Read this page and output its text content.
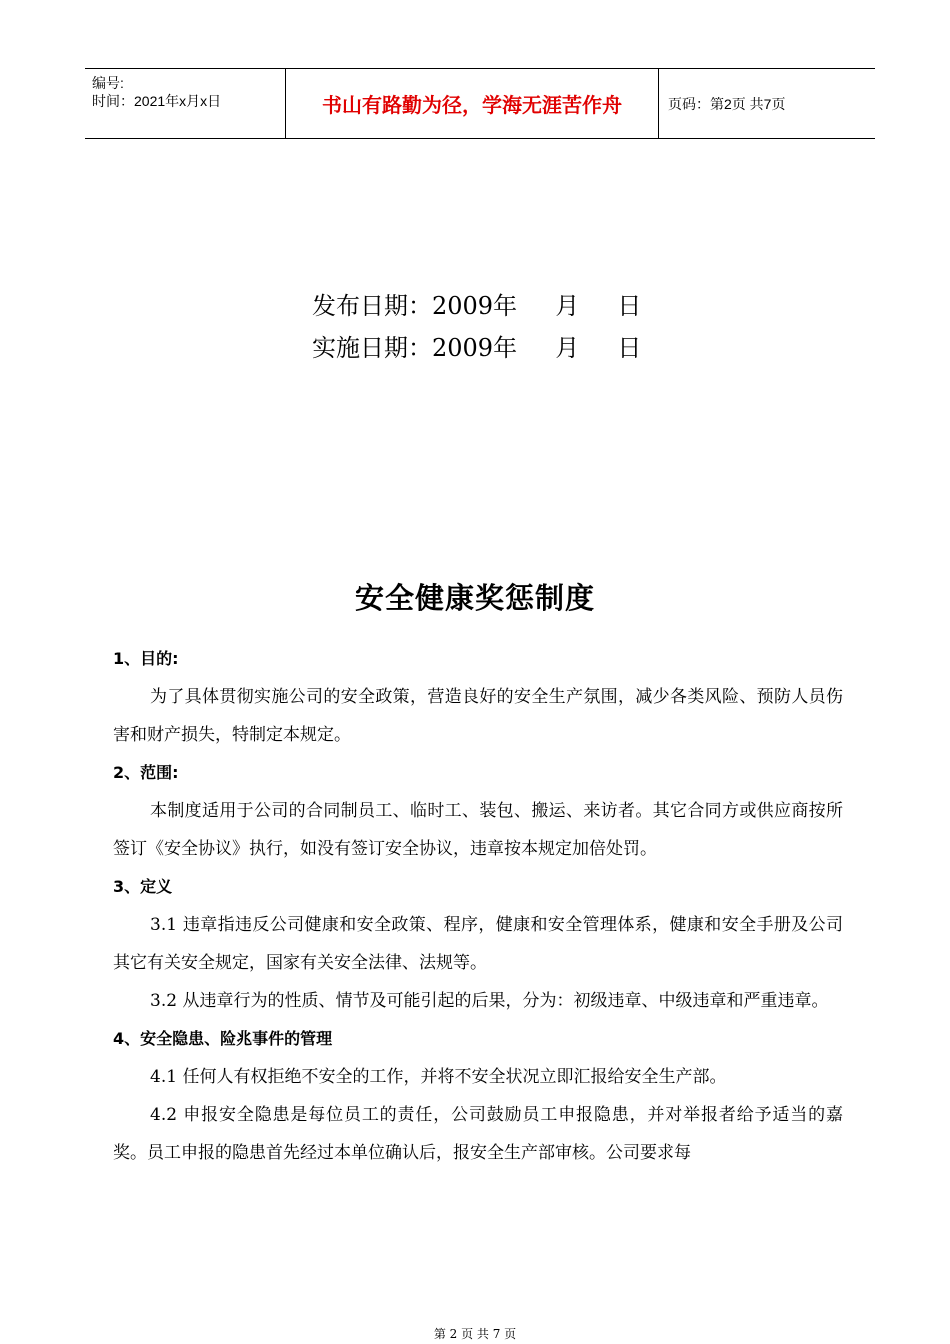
编号:
时间：2021年x月x日	书山有路勤为径，学海无涯苦作舟	页码：第2页 共7页
发布日期：2009年     月     日
实施日期：2009年     月     日
安全健康奖惩制度
1、目的:

为了具体贯彻实施公司的安全政策，营造良好的安全生产氛围，减少各类风险、预防人员伤害和财产损失，特制定本规定。

2、范围:

本制度适用于公司的合同制员工、临时工、装包、搬运、来访者。其它合同方或供应商按所签订《安全协议》执行，如没有签订安全协议，违章按本规定加倍处罚。

3、定义

3.1 违章指违反公司健康和安全政策、程序，健康和安全管理体系，健康和安全手册及公司其它有关安全规定，国家有关安全法律、法规等。

3.2 从违章行为的性质、情节及可能引起的后果，分为：初级违章、中级违章和严重违章。

4、安全隐患、险兆事件的管理

4.1 任何人有权拒绝不安全的工作，并将不安全状况立即汇报给安全生产部。

4.2 申报安全隐患是每位员工的责任，公司鼓励员工申报隐患，并对举报者给予适当的嘉奖。员工申报的隐患首先经过本单位确认后，报安全生产部审核。公司要求每

第 2 页 共 7 页
